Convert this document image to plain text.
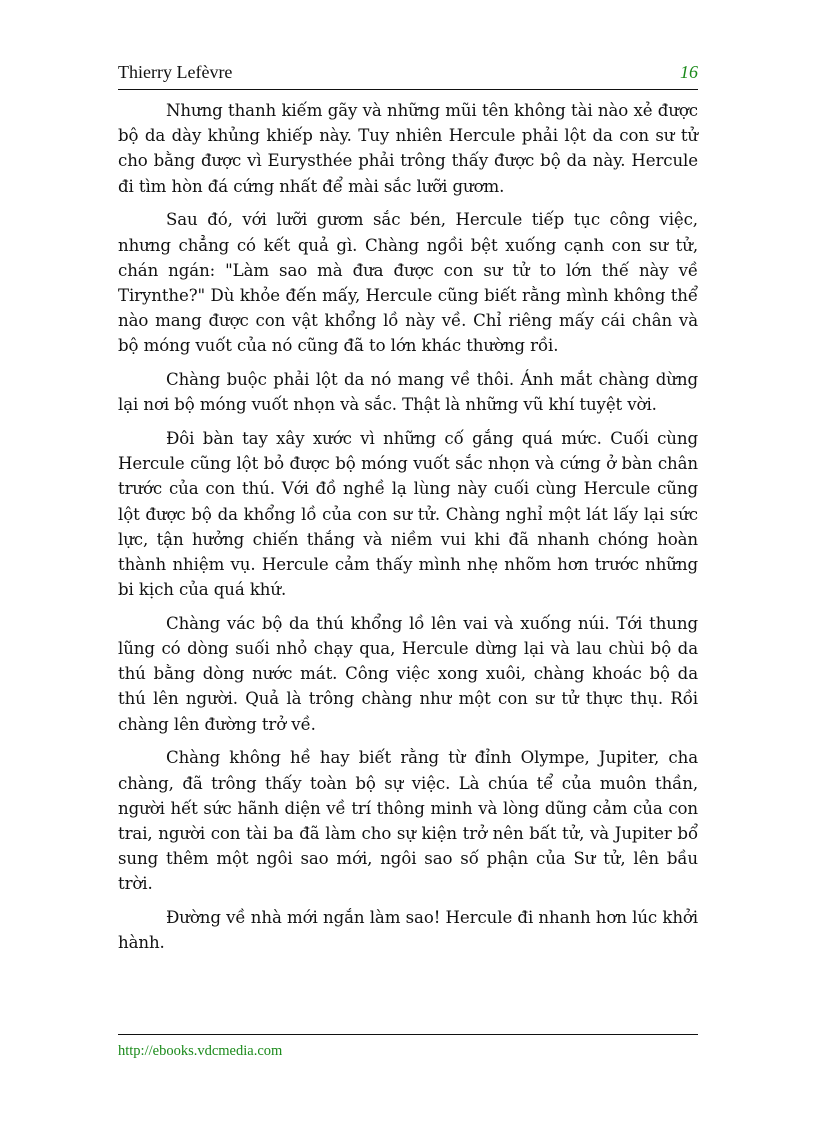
Thierry Lefèvre	16

Nhưng thanh kiếm gãy và những mũi tên không tài nào xẻ được bộ da dày khủng khiếp này. Tuy nhiên Hercule phải lột da con sư tử cho bằng được vì Eurysthée phải trông thấy được bộ da này. Hercule đi tìm hòn đá cứng nhất để mài sắc lưỡi gươm.

Sau đó, với lưỡi gươm sắc bén, Hercule tiếp tục công việc, nhưng chẳng có kết quả gì. Chàng ngồi bệt xuống cạnh con sư tử, chán ngán: "Làm sao mà đưa được con sư tử to lớn thế này về Tirynthe?" Dù khỏe đến mấy, Hercule cũng biết rằng mình không thể nào mang được con vật khổng lồ này về. Chỉ riêng mấy cái chân và bộ móng vuốt của nó cũng đã to lớn khác thường rồi.

Chàng buộc phải lột da nó mang về thôi. Ánh mắt chàng dừng lại nơi bộ móng vuốt nhọn và sắc. Thật là những vũ khí tuyệt vời.

Đôi bàn tay xây xước vì những cố gắng quá mức. Cuối cùng Hercule cũng lột bỏ được bộ móng vuốt sắc nhọn và cứng ở bàn chân trước của con thú. Với đồ nghề lạ lùng này cuối cùng Hercule cũng lột được bộ da khổng lồ của con sư tử. Chàng nghỉ một lát lấy lại sức lực, tận hưởng chiến thắng và niềm vui khi đã nhanh chóng hoàn thành nhiệm vụ. Hercule cảm thấy mình nhẹ nhõm hơn trước những bi kịch của quá khứ.

Chàng vác bộ da thú khổng lồ lên vai và xuống núi. Tới thung lũng có dòng suối nhỏ chạy qua, Hercule dừng lại và lau chùi bộ da thú bằng dòng nước mát. Công việc xong xuôi, chàng khoác bộ da thú lên người. Quả là trông chàng như một con sư tử thực thụ. Rồi chàng lên đường trở về.

Chàng không hề hay biết rằng từ đỉnh Olympe, Jupiter, cha chàng, đã trông thấy toàn bộ sự việc. Là chúa tể của muôn thần, người hết sức hãnh diện về trí thông minh và lòng dũng cảm của con trai, người con tài ba đã làm cho sự kiện trở nên bất tử, và Jupiter bổ sung thêm một ngôi sao mới, ngôi sao số phận của Sư tử, lên bầu trời.

Đường về nhà mới ngắn làm sao! Hercule đi nhanh hơn lúc khởi hành.

http://ebooks.vdcmedia.com
